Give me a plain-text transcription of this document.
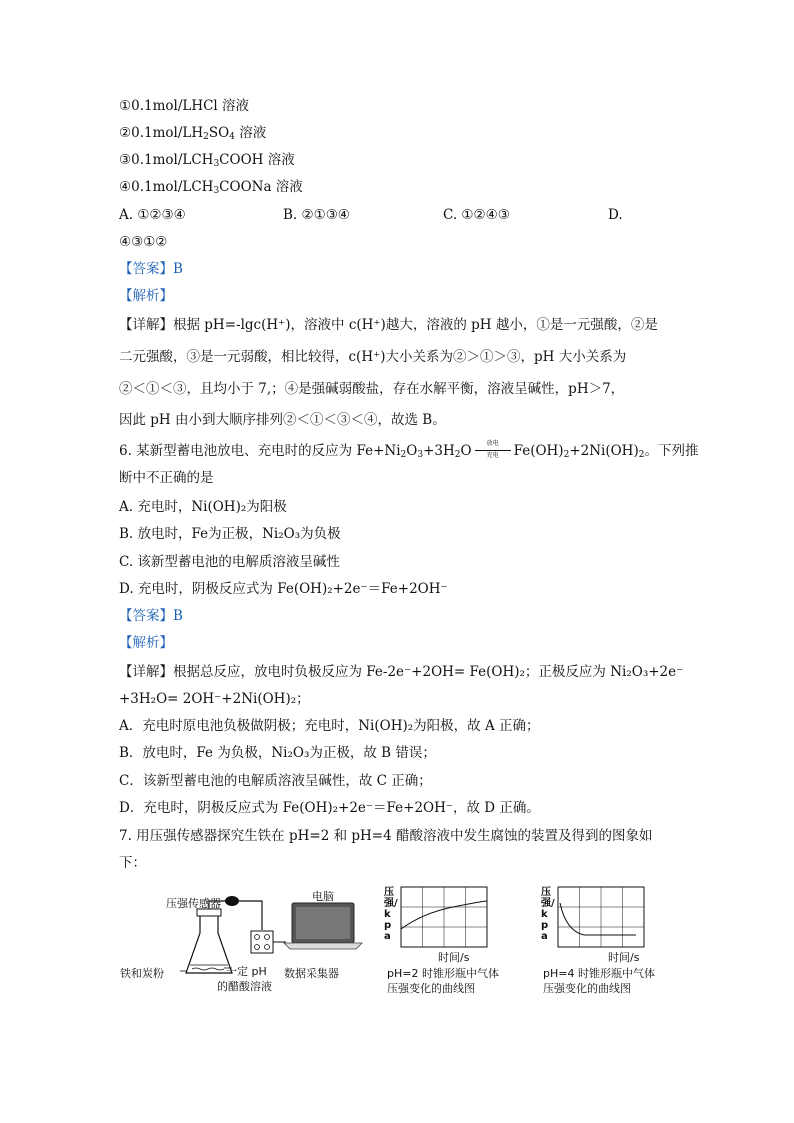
①0.1mol/LHCl 溶液
$②0.1mol/LH_2SO_4$ 溶液
$③0.1mol/LCH_3COOH$ 溶液
$④0.1mol/LCH_3COONa$ 溶液
A. ①②③④	B. ②①③④	C. ①②④③	D.
④③①②
【答案】B
【解析】
【详解】根据 pH=-lgc(H⁺)，溶液中 c(H⁺)越大，溶液的 pH 越小，①是一元强酸，②是
二元强酸，③是一元弱酸，相比较得，c(H⁺)大小关系为②＞①＞③，pH 大小关系为
②＜①＜③，且均小于 7,；④是强碱弱酸盐，存在水解平衡，溶液呈碱性，pH＞7，
因此 pH 由小到大顺序排列②＜①＜③＜④，故选 B。
6. 某新型蓄电池放电、充电时的反应为 $Fe+Ni_2O_3+3H_2O$	放电
充电	$Fe(OH)_2+2Ni(OH)_2$。下列推
断中不正确的是
A. 充电时，Ni(OH)₂为阳极
B. 放电时，Fe为正极，Ni₂O₃为负极
C. 该新型蓄电池的电解质溶液呈碱性
D. 充电时，阴极反应式为 Fe(OH)₂+2e⁻＝Fe+2OH⁻
【答案】B
【解析】
【详解】根据总反应，放电时负极反应为 Fe-2e⁻+2OH= Fe(OH)₂；正极反应为 Ni₂O₃+2e⁻
+3H₂O= 2OH⁻+2Ni(OH)₂；
A．充电时原电池负极做阴极；充电时，Ni(OH)₂为阳极，故 A 正确；
B．放电时，Fe 为负极，Ni₂O₃为正极，故 B 错误；
C．该新型蓄电池的电解质溶液呈碱性，故 C 正确；
D．充电时，阴极反应式为 Fe(OH)₂+2e⁻＝Fe+2OH⁻，故 D 正确。
7. 用压强传感器探究生铁在 pH=2 和 pH=4 醋酸溶液中发生腐蚀的装置及得到的图象如
下：
压强传感器
电脑
铁和炭粉	一定 pH
的醋酸溶液
数据采集器
压强/kpa
时间/s
pH=2 时锥形瓶中气体
压强变化的曲线图
压强/kpa
时间/s
pH=4 时锥形瓶中气体
压强变化的曲线图
